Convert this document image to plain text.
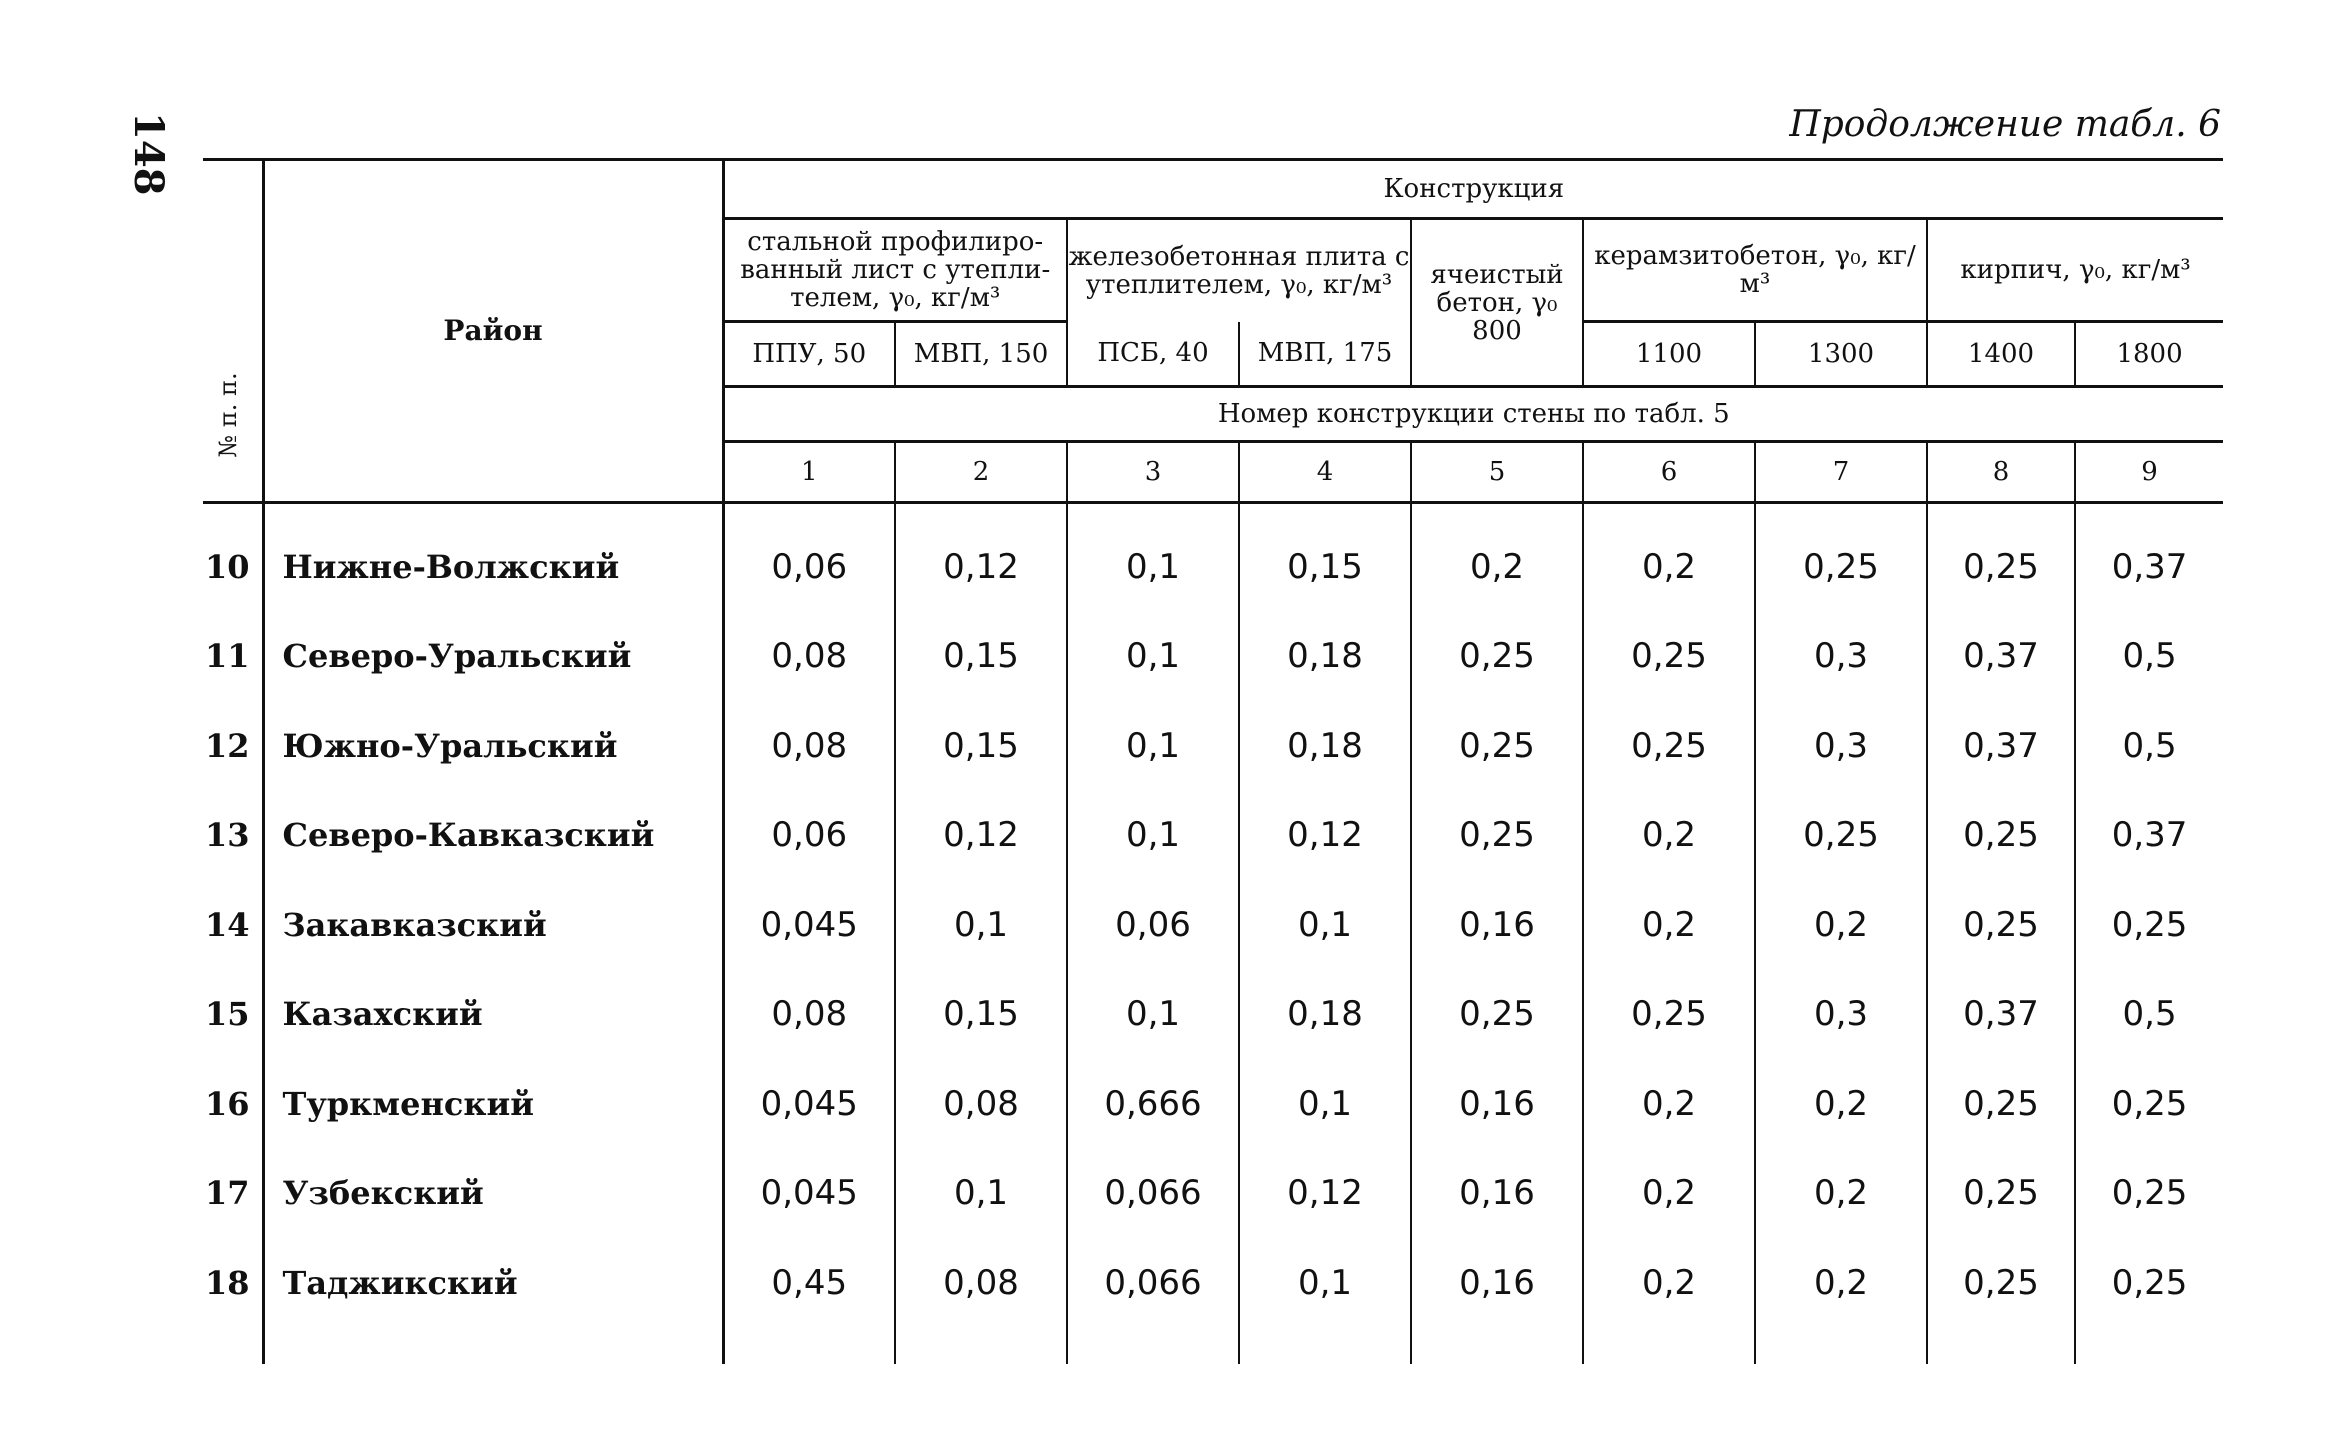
148	Продолжение табл. 6
№ п. п.	Район	Конструкция								
		стальной профилиро-ванный лист с утепли-телем, γ₀, кг/м³		железобетонная плита с утеплителем, γ₀, кг/м³		ячеистый бетон, γ₀ 800	керамзитобетон, γ₀, кг/м³		кирпич, γ₀, кг/м³	
		ППУ, 50	МВП, 150	ПСБ, 40	МВП, 175		1100	1300	1400	1800
		Номер конструкции стены по табл. 5								
		1	2	3	4	5	6	7	8	9
10	Нижне-Волжский	0,06	0,12	0,1	0,15	0,2	0,2	0,25	0,25	0,37
11	Северо-Уральский	0,08	0,15	0,1	0,18	0,25	0,25	0,3	0,37	0,5
12	Южно-Уральский	0,08	0,15	0,1	0,18	0,25	0,25	0,3	0,37	0,5
13	Северо-Кавказский	0,06	0,12	0,1	0,12	0,25	0,2	0,25	0,25	0,37
14	Закавказский	0,045	0,1	0,06	0,1	0,16	0,2	0,2	0,25	0,25
15	Казахский	0,08	0,15	0,1	0,18	0,25	0,25	0,3	0,37	0,5
16	Туркменский	0,045	0,08	0,666	0,1	0,16	0,2	0,2	0,25	0,25
17	Узбекский	0,045	0,1	0,066	0,12	0,16	0,2	0,2	0,25	0,25
18	Таджикский	0,45	0,08	0,066	0,1	0,16	0,2	0,2	0,25	0,25
